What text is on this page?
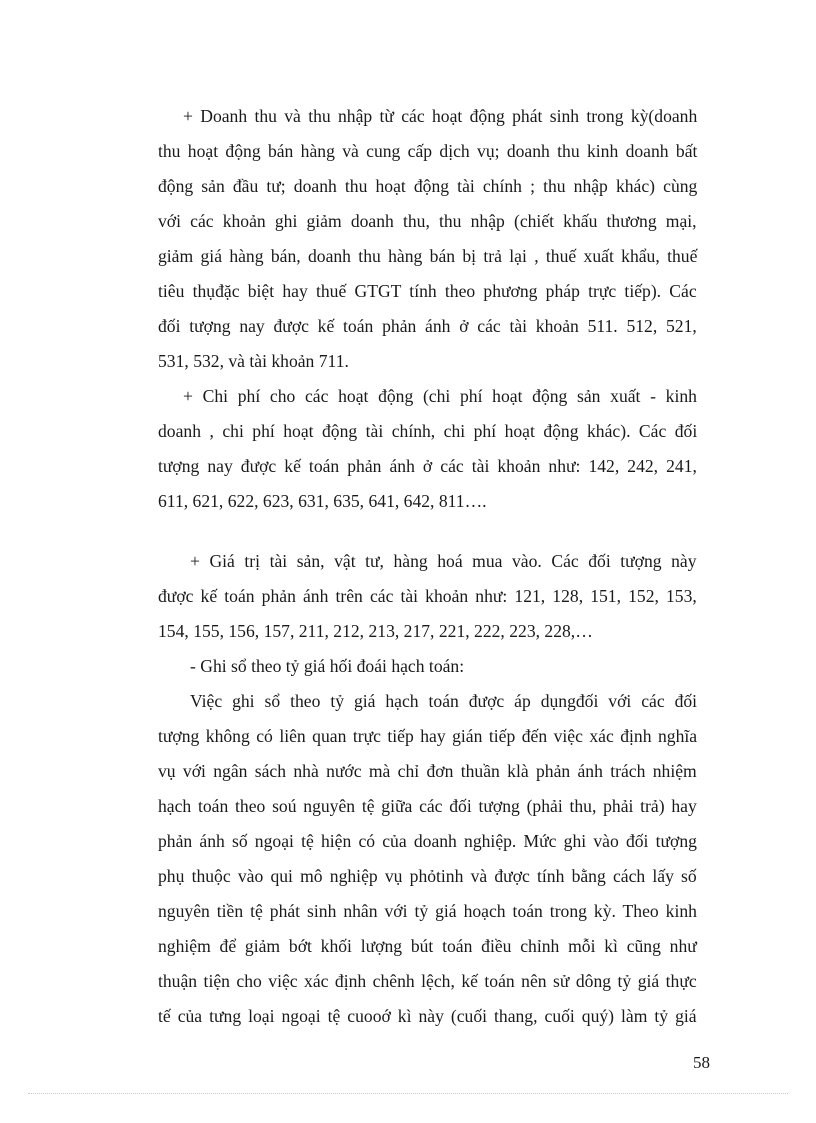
+ Doanh thu và thu nhập từ các hoạt động phát sinh trong kỳ(doanh

thu hoạt động bán hàng và cung cấp dịch vụ; doanh thu kinh doanh bất

động sản đầu tư; doanh thu hoạt động tài chính ; thu nhập khác) cùng

với các khoản ghi giảm doanh thu, thu nhập (chiết khấu thương mại,

giảm giá hàng bán, doanh thu hàng bán bị trả lại , thuế xuất khẩu, thuế

tiêu thụđặc biệt hay thuế GTGT tính theo phương pháp trực tiếp). Các

đối tượng nay được kế toán phản ánh ở các tài khoản 511. 512, 521,

531, 532, và tài khoản 711.

+ Chi phí cho các hoạt động (chi phí hoạt động sản xuất - kinh

doanh , chi phí hoạt động tài chính, chi phí hoạt động khác). Các đối

tượng nay được kế toán phản ánh ở các tài khoản như: 142, 242, 241,

611, 621, 622, 623, 631, 635, 641, 642, 811….

+ Giá trị tài sản, vật tư, hàng hoá mua vào. Các đối tượng này

được kế toán phản ánh trên các tài khoản như: 121, 128, 151, 152, 153,

154, 155, 156, 157, 211, 212, 213, 217, 221, 222, 223, 228,…

- Ghi sổ theo tỷ giá hối đoái hạch toán:

Việc ghi sổ theo tỷ giá hạch toán được áp dụngđối với các đối

tượng không có liên quan trực tiếp hay gián tiếp đến việc xác định nghĩa

vụ với ngân sách nhà nước mà chỉ đơn thuần klà phản ánh trách nhiệm

hạch toán theo soú nguyên tệ giữa các đối tượng (phải thu, phải trả) hay

phản ánh số ngoại tệ hiện có của doanh nghiệp. Mức ghi vào đối tượng

phụ thuộc vào qui mô nghiệp vụ phỏtinh và được tính bằng cách lấy số

nguyên tiền tệ phát sinh nhân với tỷ giá hoạch toán trong kỳ. Theo kinh

nghiệm để giảm bớt khối lượng bút toán điều chỉnh mỗi kì cũng như

thuận tiện cho việc xác định chênh lệch, kế toán nên sử dông tỷ giá thực

tế của tưng loại ngoại tệ cuooớ kì này (cuối thang, cuối quý) làm tỷ giá

58
